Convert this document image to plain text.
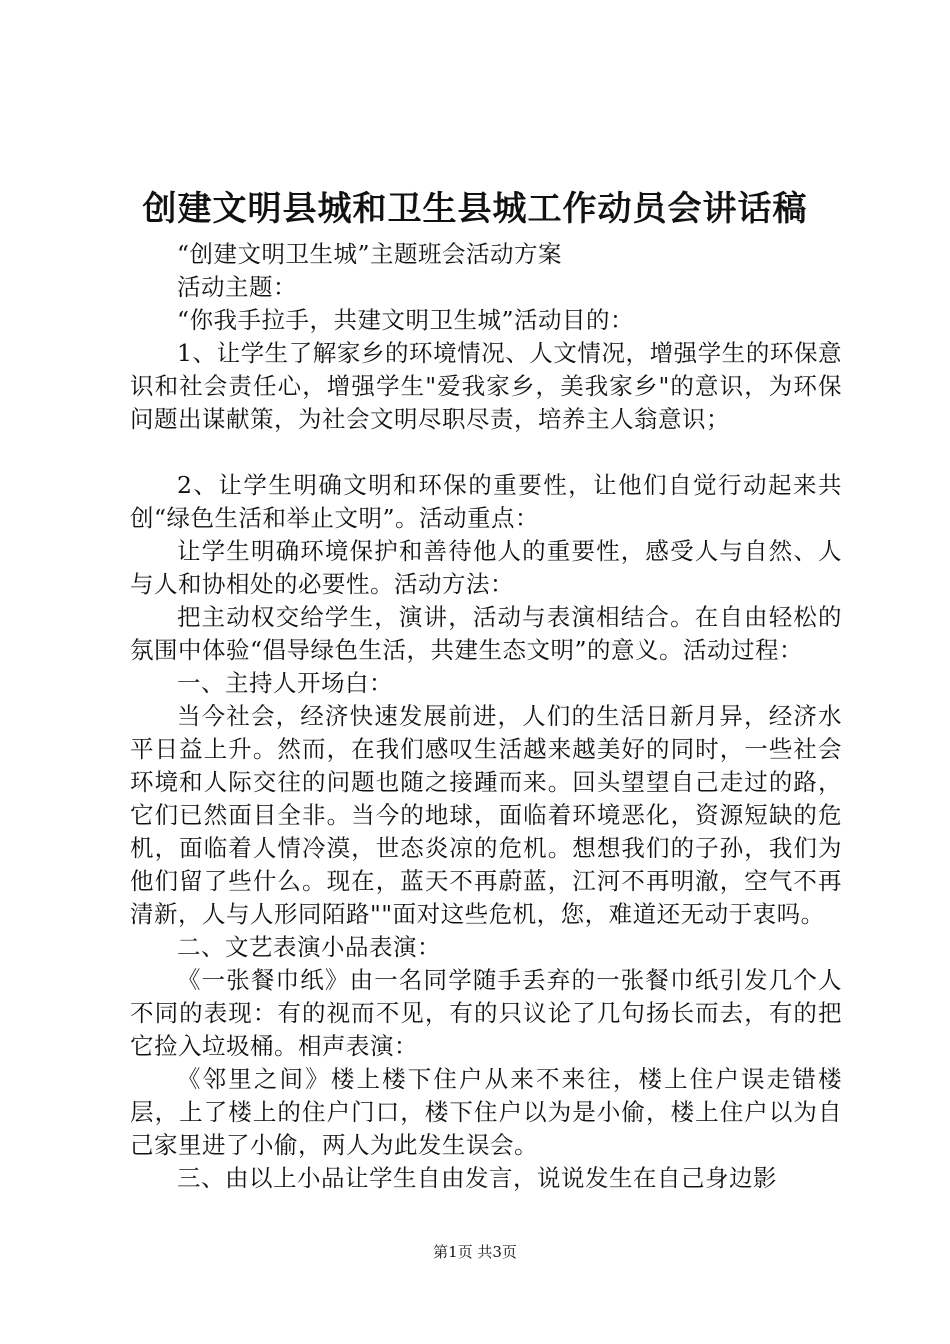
创建文明县城和卫生县城工作动员会讲话稿

“创建文明卫生城”主题班会活动方案

活动主题：

“你我手拉手，共建文明卫生城”活动目的：

1、让学生了解家乡的环境情况、人文情况，增强学生的环保意识和社会责任心，增强学生"爱我家乡，美我家乡"的意识，为环保问题出谋献策，为社会文明尽职尽责，培养主人翁意识；

2、让学生明确文明和环保的重要性，让他们自觉行动起来共创“绿色生活和举止文明”。活动重点：

让学生明确环境保护和善待他人的重要性，感受人与自然、人与人和协相处的必要性。活动方法：

把主动权交给学生，演讲，活动与表演相结合。在自由轻松的氛围中体验“倡导绿色生活，共建生态文明”的意义。活动过程：

一、主持人开场白：

当今社会，经济快速发展前进，人们的生活日新月异，经济水平日益上升。然而，在我们感叹生活越来越美好的同时，一些社会环境和人际交往的问题也随之接踵而来。回头望望自己走过的路，它们已然面目全非。当今的地球，面临着环境恶化，资源短缺的危机，面临着人情冷漠，世态炎凉的危机。想想我们的子孙，我们为他们留了些什么。现在，蓝天不再蔚蓝，江河不再明澈，空气不再清新，人与人形同陌路""面对这些危机，您，难道还无动于衷吗。

二、文艺表演小品表演：

《一张餐巾纸》由一名同学随手丢弃的一张餐巾纸引发几个人不同的表现：有的视而不见，有的只议论了几句扬长而去，有的把它捡入垃圾桶。相声表演：

《邻里之间》楼上楼下住户从来不来往，楼上住户误走错楼层，上了楼上的住户门口，楼下住户以为是小偷，楼上住户以为自己家里进了小偷，两人为此发生误会。

三、由以上小品让学生自由发言，说说发生在自己身边影

第1页 共3页
